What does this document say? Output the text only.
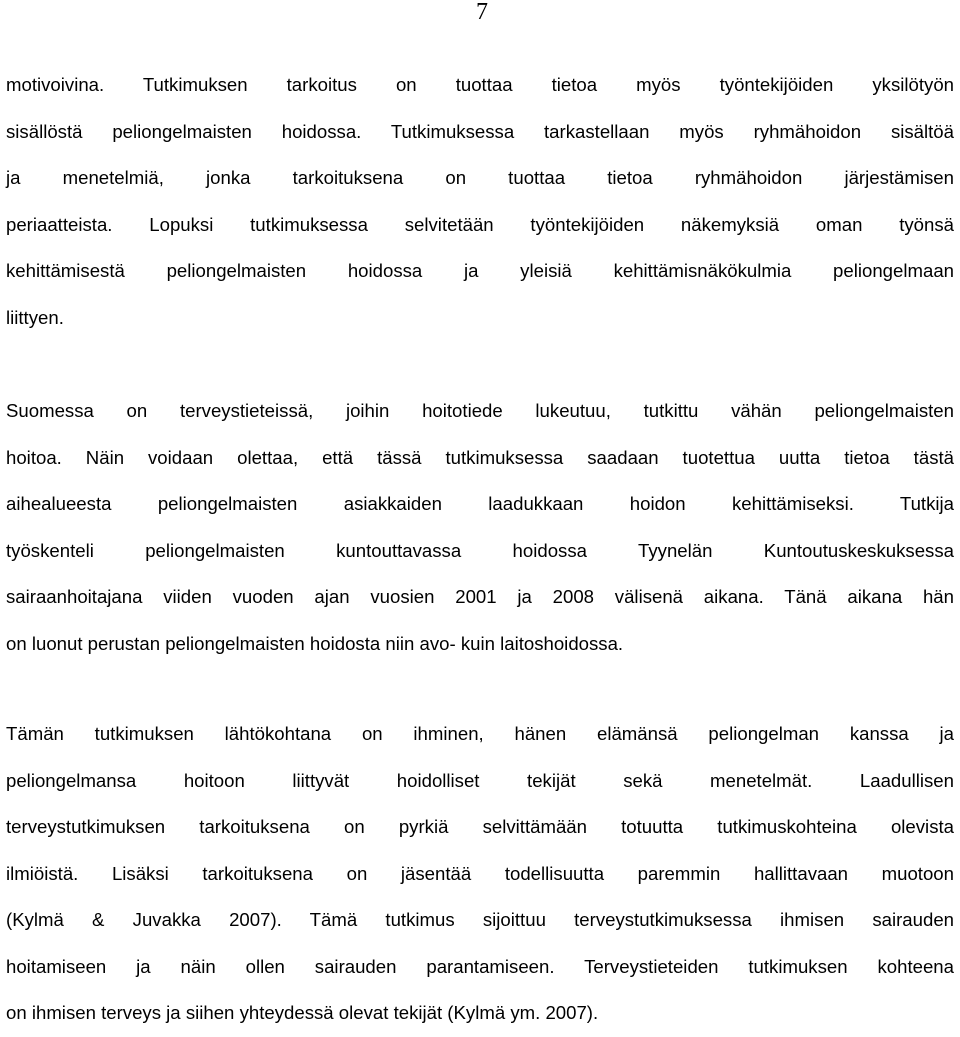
7
motivoivina. Tutkimuksen tarkoitus on tuottaa tietoa myös työntekijöiden yksilötyön
sisällöstä peliongelmaisten hoidossa. Tutkimuksessa tarkastellaan myös ryhmähoidon sisältöä
ja menetelmiä, jonka tarkoituksena on tuottaa tietoa ryhmähoidon järjestämisen
periaatteista. Lopuksi tutkimuksessa selvitetään työntekijöiden näkemyksiä oman työnsä
kehittämisestä peliongelmaisten hoidossa ja yleisiä kehittämisnäkökulmia peliongelmaan
liittyen.
Suomessa on terveystieteissä, joihin hoitotiede lukeutuu, tutkittu vähän peliongelmaisten
hoitoa. Näin voidaan olettaa, että tässä tutkimuksessa saadaan tuotettua uutta tietoa tästä
aihealueesta peliongelmaisten asiakkaiden laadukkaan hoidon kehittämiseksi. Tutkija
työskenteli peliongelmaisten kuntouttavassa hoidossa Tyynelän Kuntoutuskeskuksessa
sairaanhoitajana viiden vuoden ajan vuosien 2001 ja 2008 välisenä aikana. Tänä aikana hän
on luonut perustan peliongelmaisten hoidosta niin avo- kuin laitoshoidossa.
Tämän tutkimuksen lähtökohtana on ihminen, hänen elämänsä peliongelman kanssa ja
peliongelmansa hoitoon liittyvät hoidolliset tekijät sekä menetelmät. Laadullisen
terveystutkimuksen tarkoituksena on pyrkiä selvittämään totuutta tutkimuskohteina olevista
ilmiöistä. Lisäksi tarkoituksena on jäsentää todellisuutta paremmin hallittavaan muotoon
(Kylmä & Juvakka 2007). Tämä tutkimus sijoittuu terveystutkimuksessa ihmisen sairauden
hoitamiseen ja näin ollen sairauden parantamiseen. Terveystieteiden tutkimuksen kohteena
on ihmisen terveys ja siihen yhteydessä olevat tekijät (Kylmä ym. 2007).
